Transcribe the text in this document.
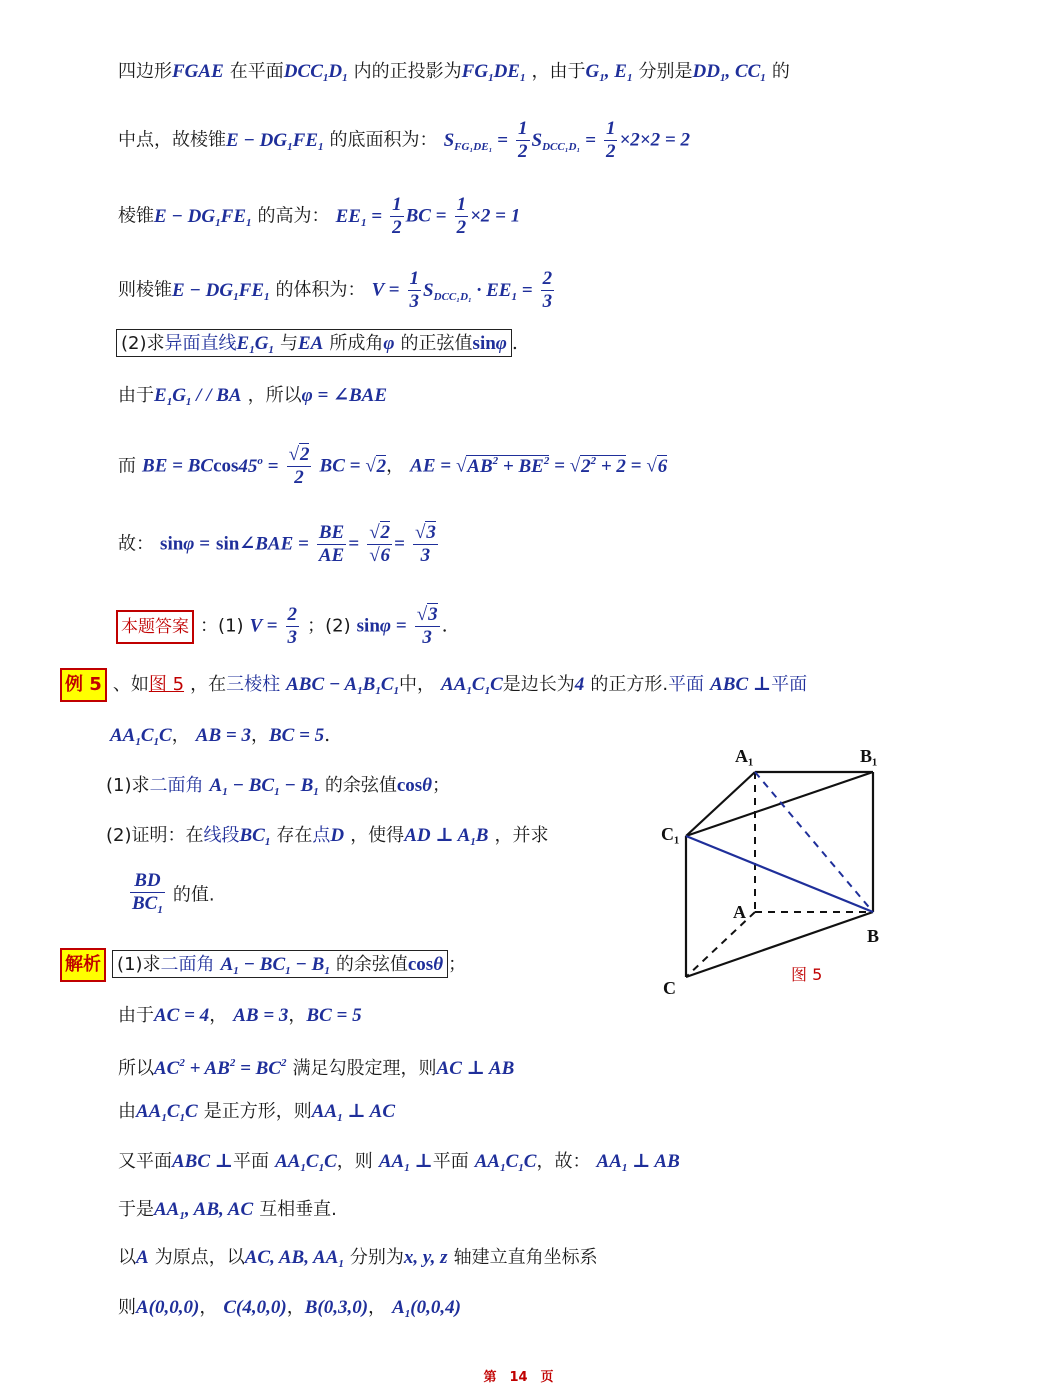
四边形FGAE 在平面$DCC_1D_1$ 内的正投影为$FG_1DE_1$ ，由于$G_1$, $E_1$ 分别是$DD_1$, $CC_1$ 的
中点，故棱锥$E - DG_1FE_1$ 的底面积为： $S_{FG_1DE_1} = \frac{1}{2} S_{DCC_1D_1} = \frac{1}{2} \times 2\times 2 = 2$
棱锥$E - DG_1FE_1$ 的高为： $EE_1 = \frac{1}{2}$ BC = $\frac{1}{2} \times 2 = 1$
则棱锥$E - DG_1FE_1$ 的体积为： $V = \frac{1}{3} S_{DCC_1D_1} \cdot EE_1 = \frac{2}{3}$
(2)求异面直线$E_1G_1$ 与EA 所成角φ 的正弦值sinφ .
由于$E_1G_1$ / / BA ，所以φ = ∠BAE
而 BE = $BCcos45^o = \frac{√2}{2}$ BC = √2， AE = $√AB^2 + BE^2 = √2^2 + 2 = √6$
故： sinφ = sin∠BAE = $\frac{BE}{AE} = \frac{√2}{√6} = \frac{√3}{3}$
本题答案 ：(1) $V = \frac{2}{3}$ ；(2) $\sin\varphi = \frac{√3}{3}$ .
例 5 、如图 5 ，在三棱柱 ABC − $A_1B_1C_1$中， $AA_1C_1C$是边长为4 的正方形.平面 ABC ⊥平面
$AA_1C_1C$， AB = 3，BC = 5.
(1)求二面角 $A_1 - BC_1 - B_1$ 的余弦值cosθ；
(2)证明：在线段$BC_1$ 存在点D ，使得AD ⊥ $A_1B$ ，并求
$\frac{BD}{BC_1}$ 的值.
解析 (1)求二面角 $A_1 - BC_1 - B_1$ 的余弦值cosθ ；
由于AC = 4， AB = 3，BC = 5
所以$AC^2 + AB^2 = BC^2$ 满足勾股定理，则AC ⊥ AB
由$AA_1C_1C$ 是正方形，则$AA_1$ ⊥ AC
又平面ABC ⊥平面 $AA_1C_1C$，则 $AA_1$ ⊥平面 $AA_1C_1C$，故： $AA_1$ ⊥ AB
于是$AA_1$, AB, AC 互相垂直.
以A 为原点，以AC, AB, $AA_1$ 分别为x, y, z 轴建立直角坐标系
则A(0,0,0)， C(4,0,0)，B(0,3,0)， $A_1(0,0,4)$
A₁	B₁
C₁
A
B
C
图 5
第　14　页
